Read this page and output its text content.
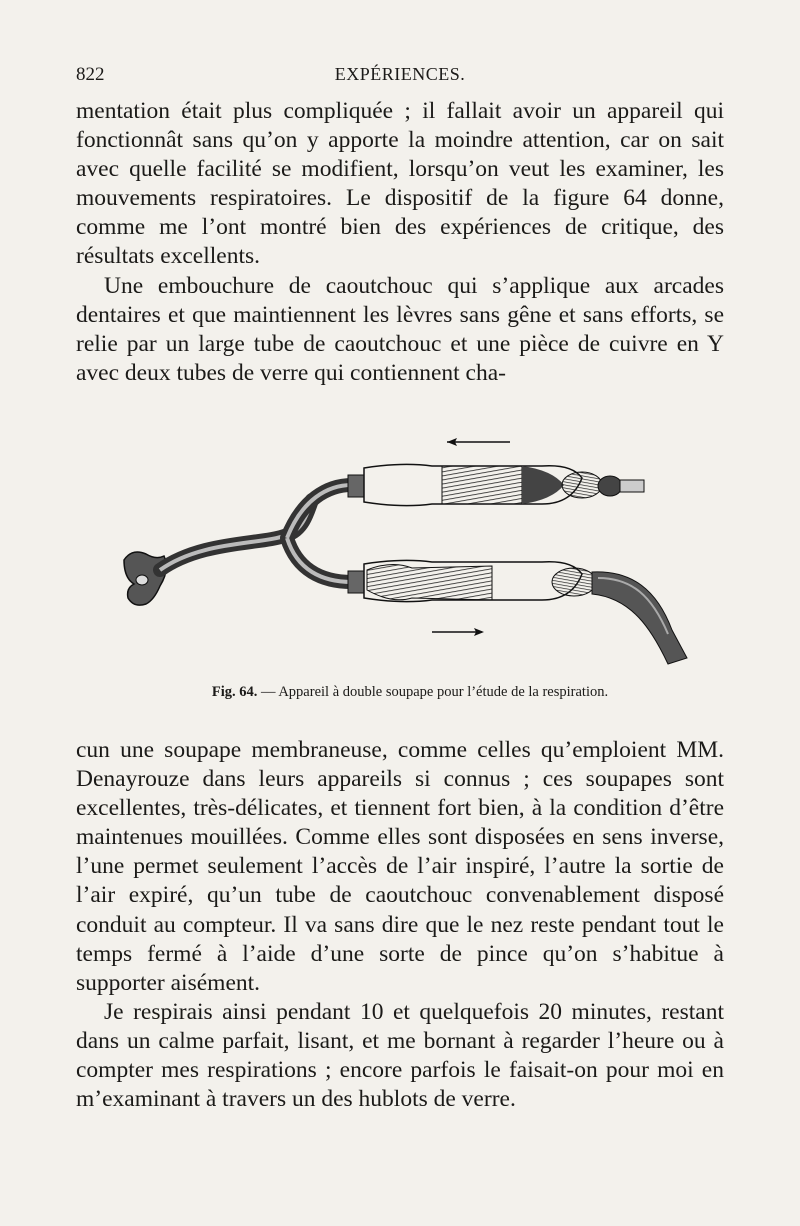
822	EXPÉRIENCES.

mentation était plus compliquée ; il fallait avoir un appareil qui fonctionnât sans qu’on y apporte la moindre attention, car on sait avec quelle facilité se modifient, lorsqu’on veut les examiner, les mouvements respiratoires. Le dispositif de la figure 64 donne, comme me l’ont montré bien des expériences de critique, des résultats excellents.

Une embouchure de caoutchouc qui s’applique aux arcades dentaires et que maintiennent les lèvres sans gêne et sans efforts, se relie par un large tube de caoutchouc et une pièce de cuivre en Y avec deux tubes de verre qui contiennent cha-

Fig. 64. — Appareil à double soupape pour l’étude de la respiration.

cun une soupape membraneuse, comme celles qu’emploient MM. Denayrouze dans leurs appareils si connus ; ces soupapes sont excellentes, très-délicates, et tiennent fort bien, à la condition d’être maintenues mouillées. Comme elles sont disposées en sens inverse, l’une permet seulement l’accès de l’air inspiré, l’autre la sortie de l’air expiré, qu’un tube de caoutchouc convenablement disposé conduit au compteur. Il va sans dire que le nez reste pendant tout le temps fermé à l’aide d’une sorte de pince qu’on s’habitue à supporter aisément.

Je respirais ainsi pendant 10 et quelquefois 20 minutes, restant dans un calme parfait, lisant, et me bornant à regarder l’heure ou à compter mes respirations ; encore parfois le faisait-on pour moi en m’examinant à travers un des hublots de verre.
